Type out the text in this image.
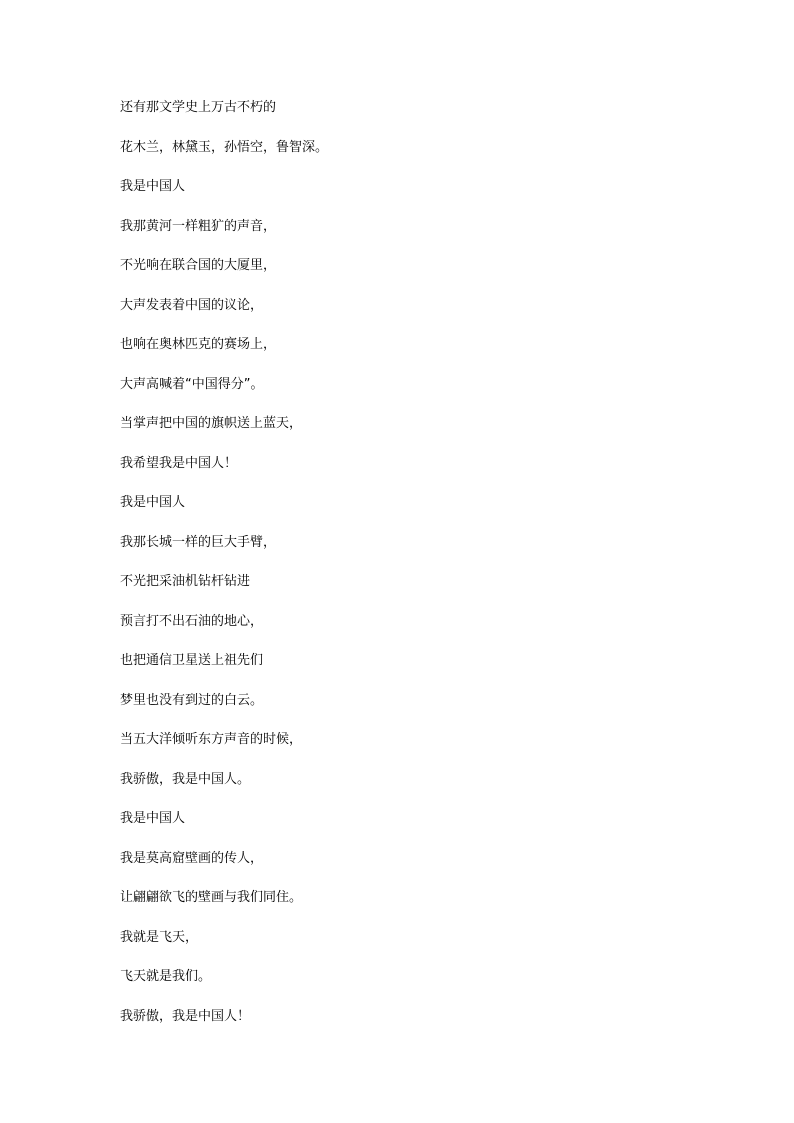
还有那文学史上万古不朽的
花木兰，林黛玉，孙悟空，鲁智深。
我是中国人
我那黄河一样粗犷的声音，
不光响在联合国的大厦里，
大声发表着中国的议论，
也响在奥林匹克的赛场上，
大声高喊着“中国得分”。
当掌声把中国的旗帜送上蓝天，
我希望我是中国人！
我是中国人
我那长城一样的巨大手臂，
不光把采油机钻杆钻进
预言打不出石油的地心，
也把通信卫星送上祖先们
梦里也没有到过的白云。
当五大洋倾听东方声音的时候，
我骄傲，我是中国人。
我是中国人
我是莫高窟壁画的传人，
让翩翩欲飞的壁画与我们同住。
我就是飞天，
飞天就是我们。
我骄傲，我是中国人！
